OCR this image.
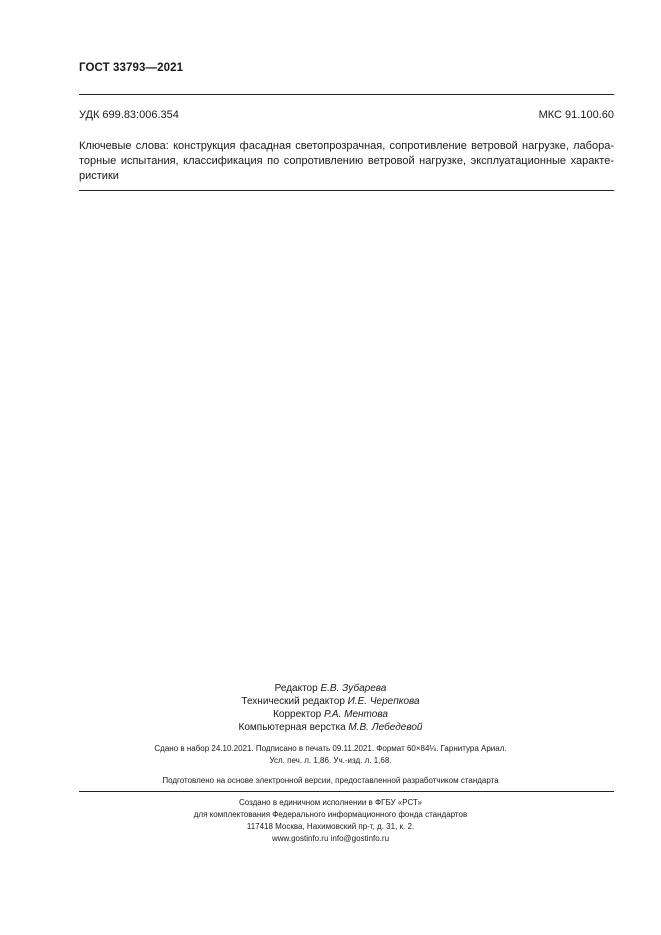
ГОСТ 33793—2021
УДК 699.83:006.354	МКС 91.100.60
Ключевые слова: конструкция фасадная светопрозрачная, сопротивление ветровой нагрузке, лабора-
торные испытания, классификация по сопротивлению ветровой нагрузке, эксплуатационные характе-
ристики
Редактор Е.В. Зубарева
Технический редактор И.Е. Черепкова
Корректор Р.А. Ментова
Компьютерная верстка М.В. Лебедевой
Сдано в набор 24.10.2021. Подписано в печать 09.11.2021. Формат 60×84⅛. Гарнитура Ариал.
Усл. печ. л. 1,86. Уч.-изд. л. 1,68.
Подготовлено на основе электронной версии, предоставленной разработчиком стандарта
Создано в единичном исполнении в ФГБУ «РСТ»
для комплектования Федерального информационного фонда стандартов
117418 Москва, Нахимовский пр-т, д. 31, к. 2.
www.gostinfo.ru info@gostinfo.ru
